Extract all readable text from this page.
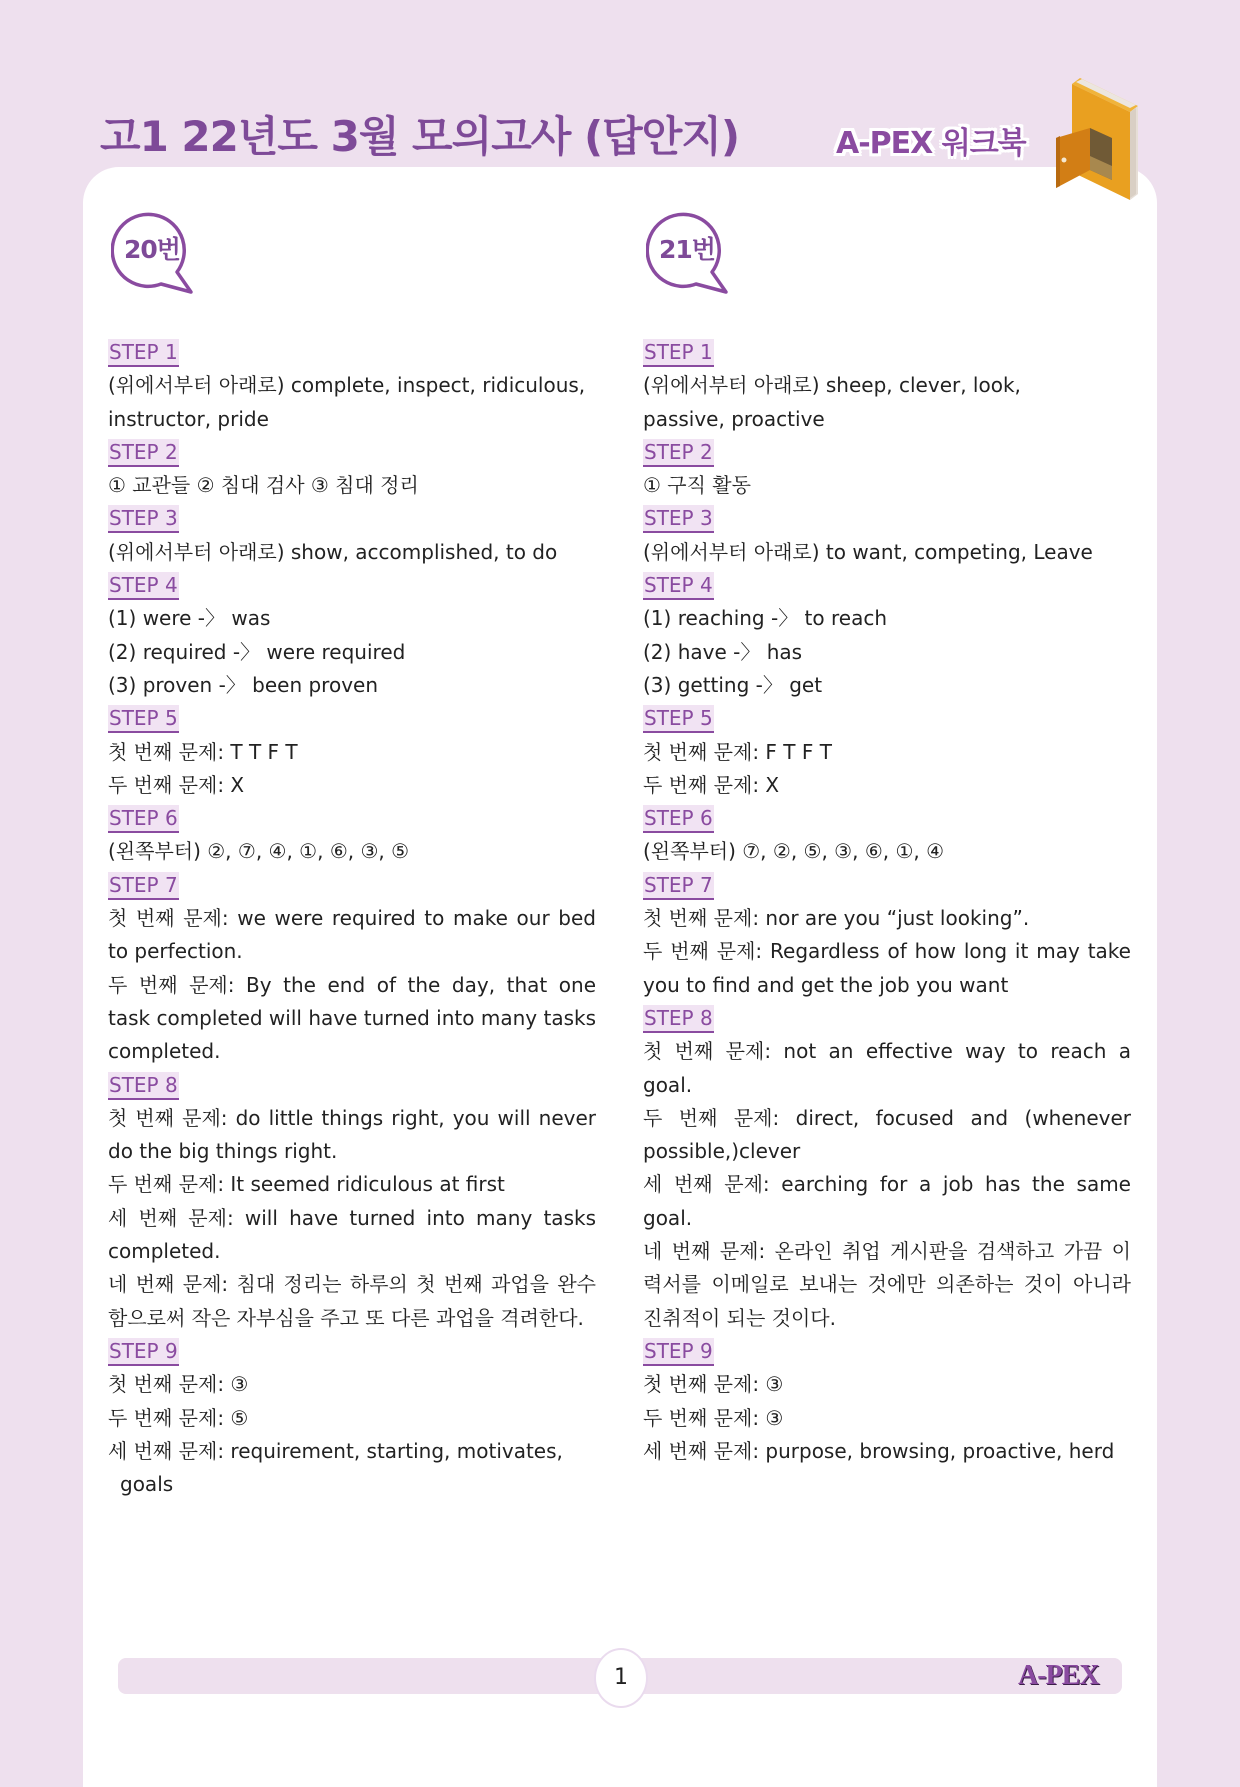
고1 22년도 3월 모의고사 (답안지)	A-PEX 워크북
20번	21번
STEP 1
(위에서부터 아래로) complete, inspect, ridiculous,
instructor, pride
STEP 2
① 교관들 ② 침대 검사 ③ 침대 정리
STEP 3
(위에서부터 아래로) show, accomplished, to do
STEP 4
(1) were -〉 was
(2) required -〉 were required
(3) proven -〉 been proven
STEP 5
첫 번째 문제: T T F T
두 번째 문제: X
STEP 6
(왼쪽부터) ②, ⑦, ④, ①, ⑥, ③, ⑤
STEP 7
첫 번째 문제: we were required to make our bed
to perfection.
두 번째 문제: By the end of the day, that one
task completed will have turned into many tasks
completed.
STEP 8
첫 번째 문제: do little things right, you will never
do the big things right.
두 번째 문제: It seemed ridiculous at first
세 번째 문제: will have turned into many tasks
completed.
네 번째 문제: 침대 정리는 하루의 첫 번째 과업을 완수
함으로써 작은 자부심을 주고 또 다른 과업을 격려한다.
STEP 9
첫 번째 문제: ③
두 번째 문제: ⑤
세 번째 문제: requirement, starting, motivates,
goals
STEP 1
(위에서부터 아래로) sheep, clever, look,
passive, proactive
STEP 2
① 구직 활동
STEP 3
(위에서부터 아래로) to want, competing, Leave
STEP 4
(1) reaching -〉 to reach
(2) have -〉 has
(3) getting -〉 get
STEP 5
첫 번째 문제: F T F T
두 번째 문제: X
STEP 6
(왼쪽부터) ⑦, ②, ⑤, ③, ⑥, ①, ④
STEP 7
첫 번째 문제: nor are you “just looking”.
두 번째 문제: Regardless of how long it may take
you to find and get the job you want
STEP 8
첫 번째 문제: not an effective way to reach a
goal.
두 번째 문제: direct, focused and (whenever
possible,)clever
세 번째 문제: earching for a job has the same
goal.
네 번째 문제: 온라인 취업 게시판을 검색하고 가끔 이
력서를 이메일로 보내는 것에만 의존하는 것이 아니라
진취적이 되는 것이다.
STEP 9
첫 번째 문제: ③
두 번째 문제: ③
세 번째 문제: purpose, browsing, proactive, herd
1	A-PEX
